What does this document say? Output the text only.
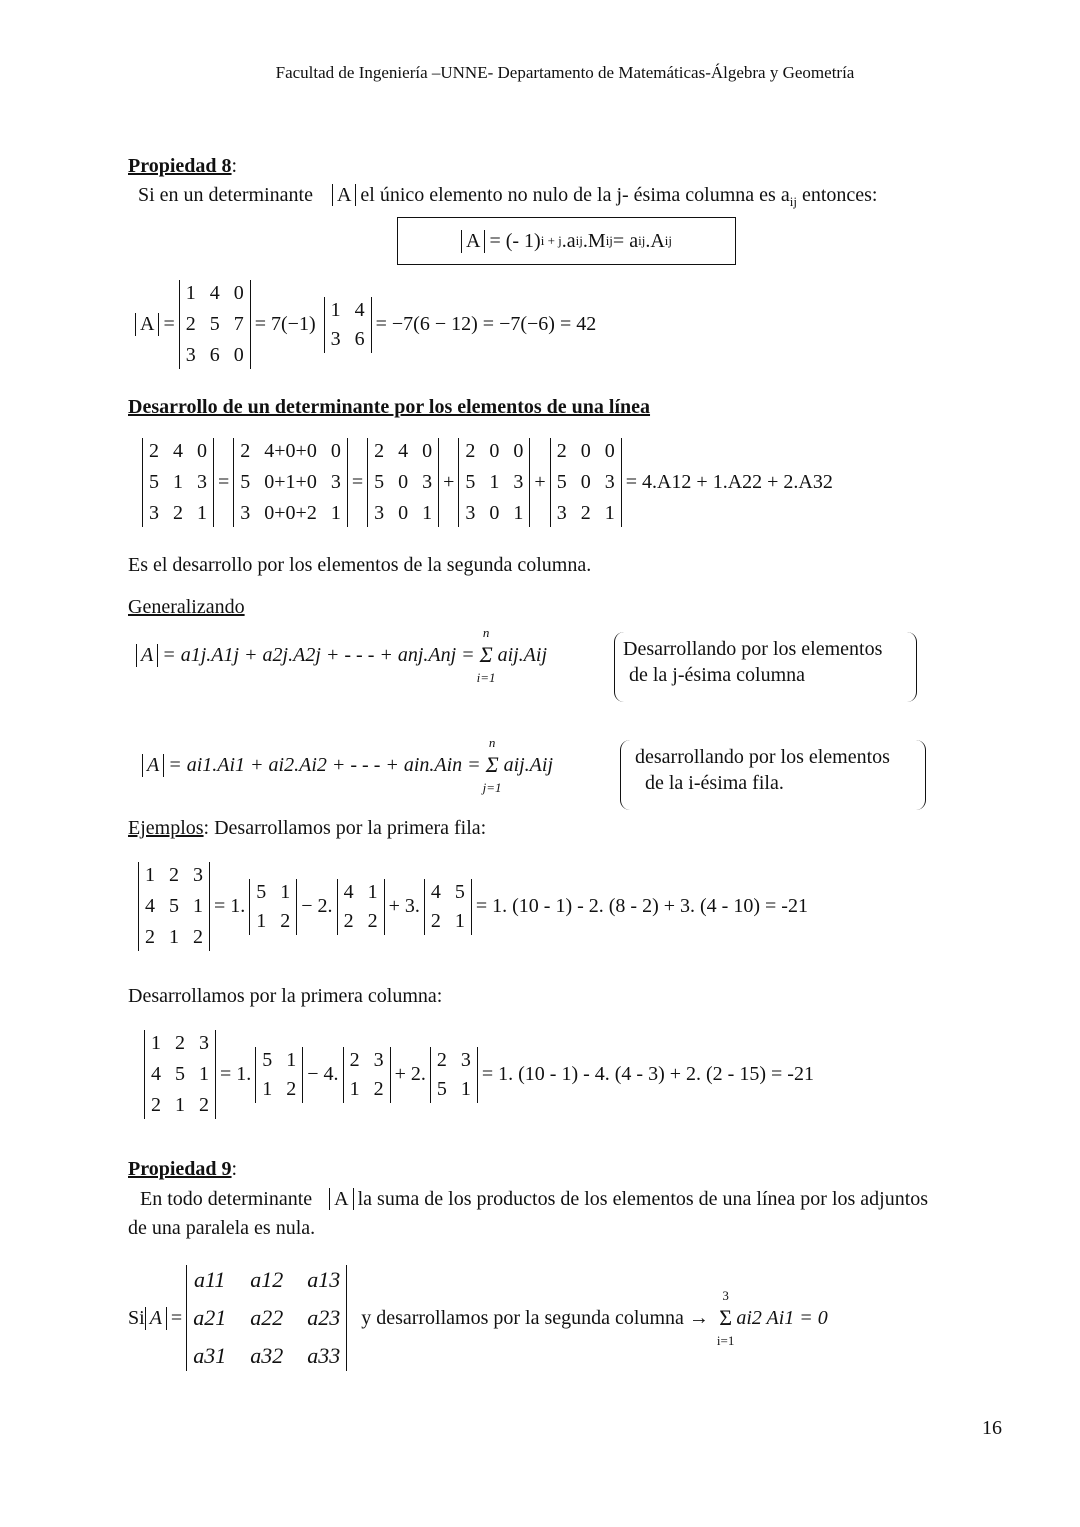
Facultad de Ingeniería –UNNE- Departamento de Matemáticas-Álgebra y Geometría
Propiedad 8:
Si en un determinante A el único elemento no nulo de la j- ésima columna es $a_{ij}$ entonces:
A = (- 1) i + j .a ij .M ij = a ij .A ij
A =
1 4 0
2 5 7
3 6 0
= 7(−1)
1 4
3 6
= −7(6 − 12) = −7(−6) = 42
Desarrollo de un determinante por los elementos de una línea
2 4 0
5 1 3
3 2 1
=
2 4+0+0 0
5 0+1+0 3
3 0+0+2 1
=
2 4 0
5 0 3
3 0 1
+
2 0 0
5 1 3
3 0 1
+
2 0 0
5 0 3
3 2 1
= 4.A12 + 1.A22 + 2.A32
Es el desarrollo por los elementos de la segunda columna.
Generalizando
A = a1j.A1j + a2j.A2j + - - - + anj.Anj =
n
Σ
i=1
aij.Aij	Desarrollando por los elementos
de la j-ésima columna
A = ai1.Ai1 + ai2.Ai2 + - - - + ain.Ain =
n
Σ
j=1
aij.Aij	desarrollando por los elementos
de la i-ésima fila.
Ejemplos: Desarrollamos por la primera fila:
1 2 3
4 5 1
2 1 2
= 1.
5 1
1 2
− 2.
4 1
2 2
+ 3.
4 5
2 1
= 1. (10 - 1) - 2. (8 - 2) + 3. (4 - 10) = -21
Desarrollamos por la primera columna:
1 2 3
4 5 1
2 1 2
= 1.
5 1
1 2
− 4.
2 3
1 2
+ 2.
2 3
5 1
= 1. (10 - 1) - 4. (4 - 3) + 2. (2 - 15) = -21
Propiedad 9:
En todo determinante A la suma de los productos de los elementos de una línea por los adjuntos
de una paralela es nula.
Si A =
a11 a12 a13
a21 a22 a23
a31 a32 a33
y desarrollamos por la segunda columna →
3
Σ
i=1
ai2 Ai1 = 0
16
